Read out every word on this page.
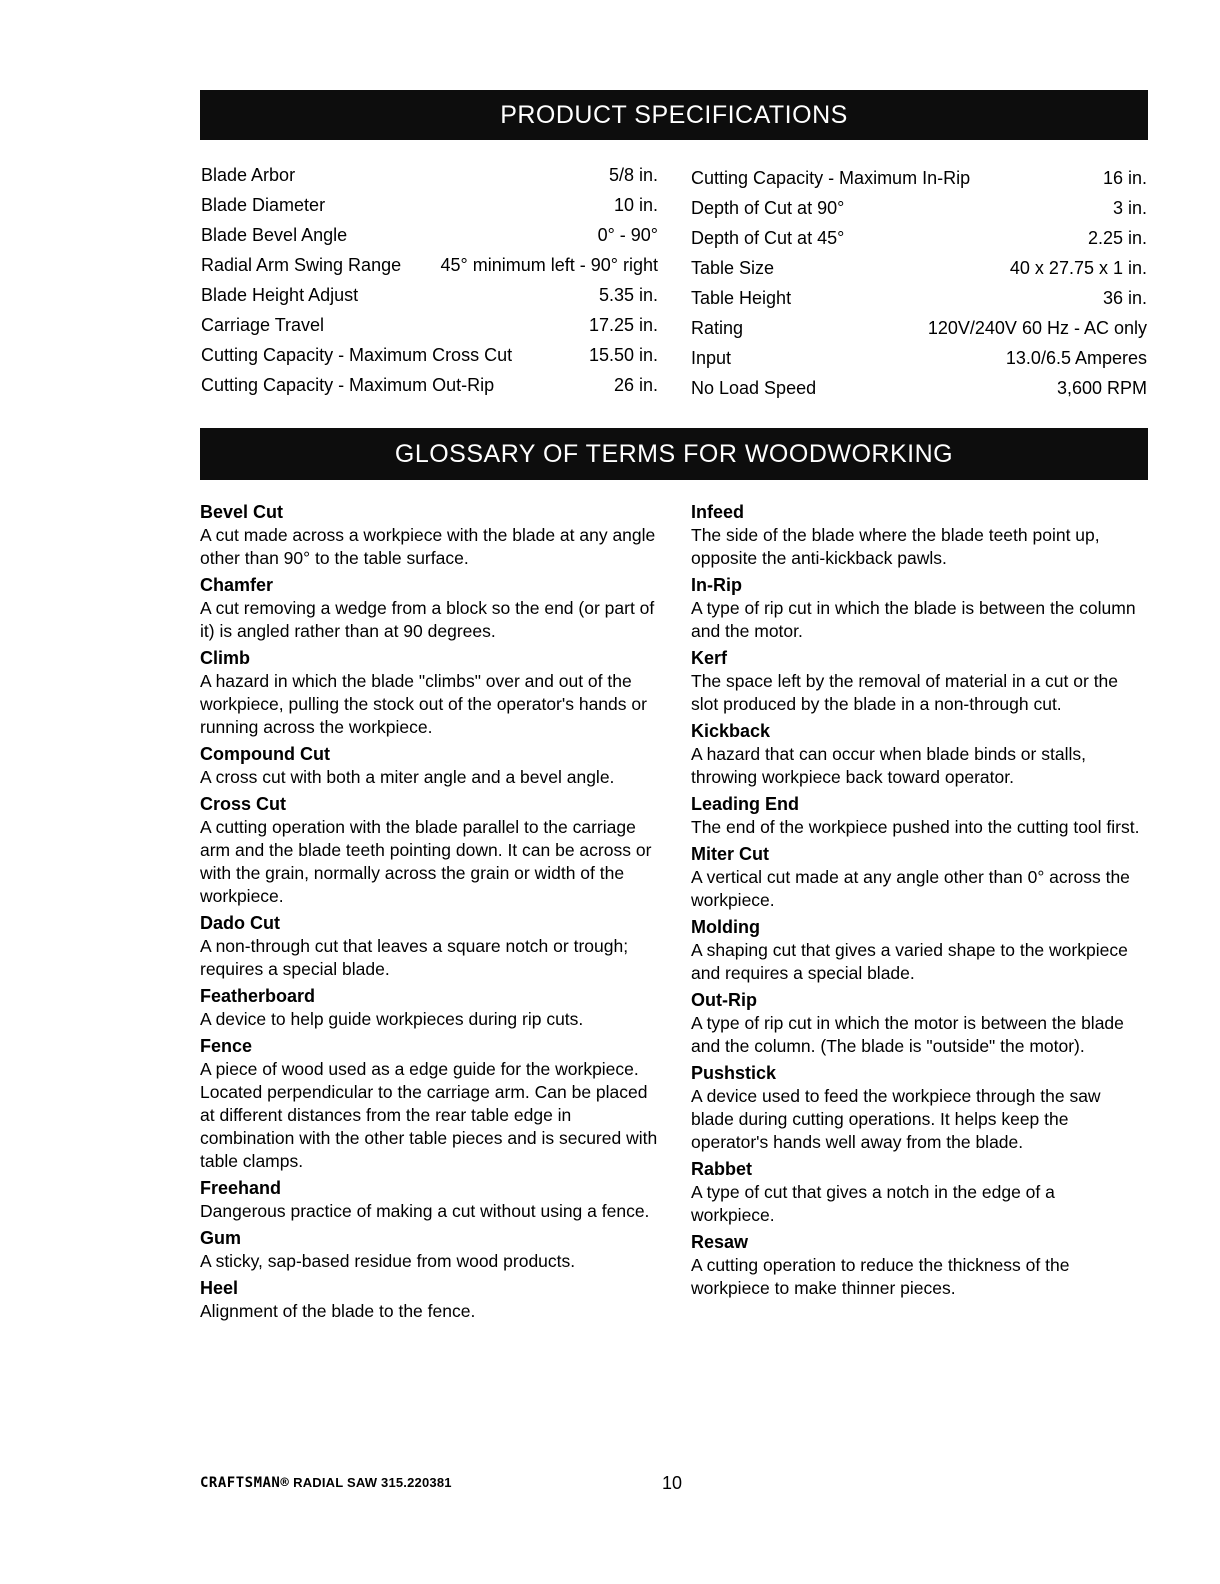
PRODUCT SPECIFICATIONS
Blade Arbor	5/8 in.
Blade Diameter	10 in.
Blade Bevel Angle	0° - 90°
Radial Arm Swing Range 45° minimum left - 90° right
Blade Height Adjust	5.35 in.
Carriage Travel	17.25 in.
Cutting Capacity - Maximum Cross Cut	15.50 in.
Cutting Capacity - Maximum Out-Rip	26 in.
Cutting Capacity - Maximum In-Rip	16 in.
Depth of Cut at 90°	3 in.
Depth of Cut at 45°	2.25 in.
Table Size	40 x 27.75 x 1 in.
Table Height	36 in.
Rating	120V/240V 60 Hz - AC only
Input	13.0/6.5 Amperes
No Load Speed	3,600 RPM
GLOSSARY OF TERMS FOR WOODWORKING
Bevel Cut
A cut made across a workpiece with the blade at any angle other than 90° to the table surface.
Chamfer
A cut removing a wedge from a block so the end (or part of it) is angled rather than at 90 degrees.
Climb
A hazard in which the blade "climbs" over and out of the workpiece, pulling the stock out of the operator's hands or running across the workpiece.
Compound Cut
A cross cut with both a miter angle and a bevel angle.
Cross Cut
A cutting operation with the blade parallel to the carriage arm and the blade teeth pointing down. It can be across or with the grain, normally across the grain or width of the workpiece.
Dado Cut
A non-through cut that leaves a square notch or trough; requires a special blade.
Featherboard
A device to help guide workpieces during rip cuts.
Fence
A piece of wood used as a edge guide for the workpiece. Located perpendicular to the carriage arm. Can be placed at different distances from the rear table edge in combination with the other table pieces and is secured with table clamps.
Freehand
Dangerous practice of making a cut without using a fence.
Gum
A sticky, sap-based residue from wood products.
Heel
Alignment of the blade to the fence.
Infeed
The side of the blade where the blade teeth point up, opposite the anti-kickback pawls.
In-Rip
A type of rip cut in which the blade is between the column and the motor.
Kerf
The space left by the removal of material in a cut or the slot produced by the blade in a non-through cut.
Kickback
A hazard that can occur when blade binds or stalls, throwing workpiece back toward operator.
Leading End
The end of the workpiece pushed into the cutting tool first.
Miter Cut
A vertical cut made at any angle other than 0° across the workpiece.
Molding
A shaping cut that gives a varied shape to the workpiece and requires a special blade.
Out-Rip
A type of rip cut in which the motor is between the blade and the column. (The blade is "outside" the motor).
Pushstick
A device used to feed the workpiece through the saw blade during cutting operations. It helps keep the operator's hands well away from the blade.
Rabbet
A type of cut that gives a notch in the edge of a workpiece.
Resaw
A cutting operation to reduce the thickness of the workpiece to make thinner pieces.
CRAFTSMAN® RADIAL SAW 315.220381	10
